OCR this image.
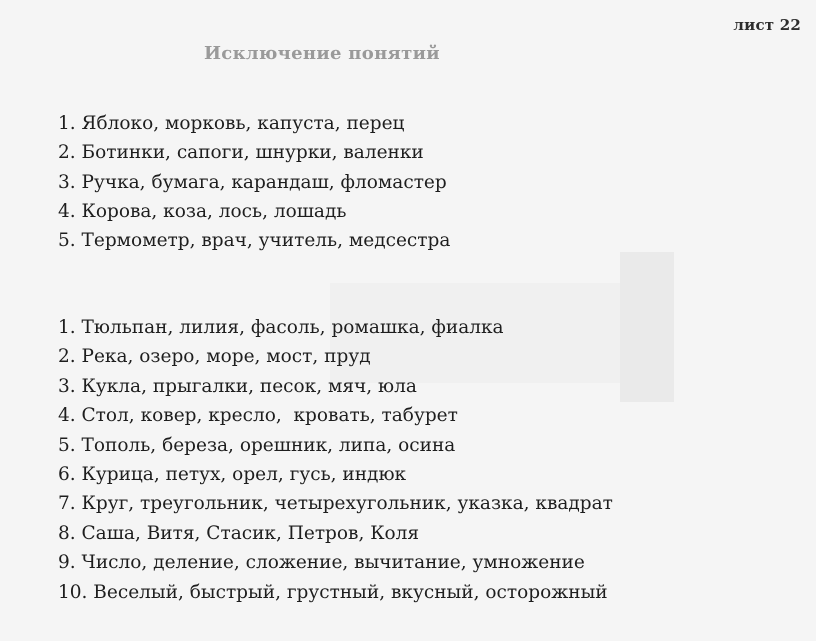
лист 22
Исключение понятий
1. Яблоко, морковь, капуста, перец
2. Ботинки, сапоги, шнурки, валенки
3. Ручка, бумага, карандаш, фломастер
4. Корова, коза, лось, лошадь
5. Термометр, врач, учитель, медсестра
1. Тюльпан, лилия, фасоль, ромашка, фиалка
2. Река, озеро, море, мост, пруд
3. Кукла, прыгалки, песок, мяч, юла
4. Стол, ковер, кресло,  кровать, табурет
5. Тополь, береза, орешник, липа, осина
6. Курица, петух, орел, гусь, индюк
7. Круг, треугольник, четырехугольник, указка, квадрат
8. Саша, Витя, Стасик, Петров, Коля
9. Число, деление, сложение, вычитание, умножение
10. Веселый, быстрый, грустный, вкусный, осторожный
